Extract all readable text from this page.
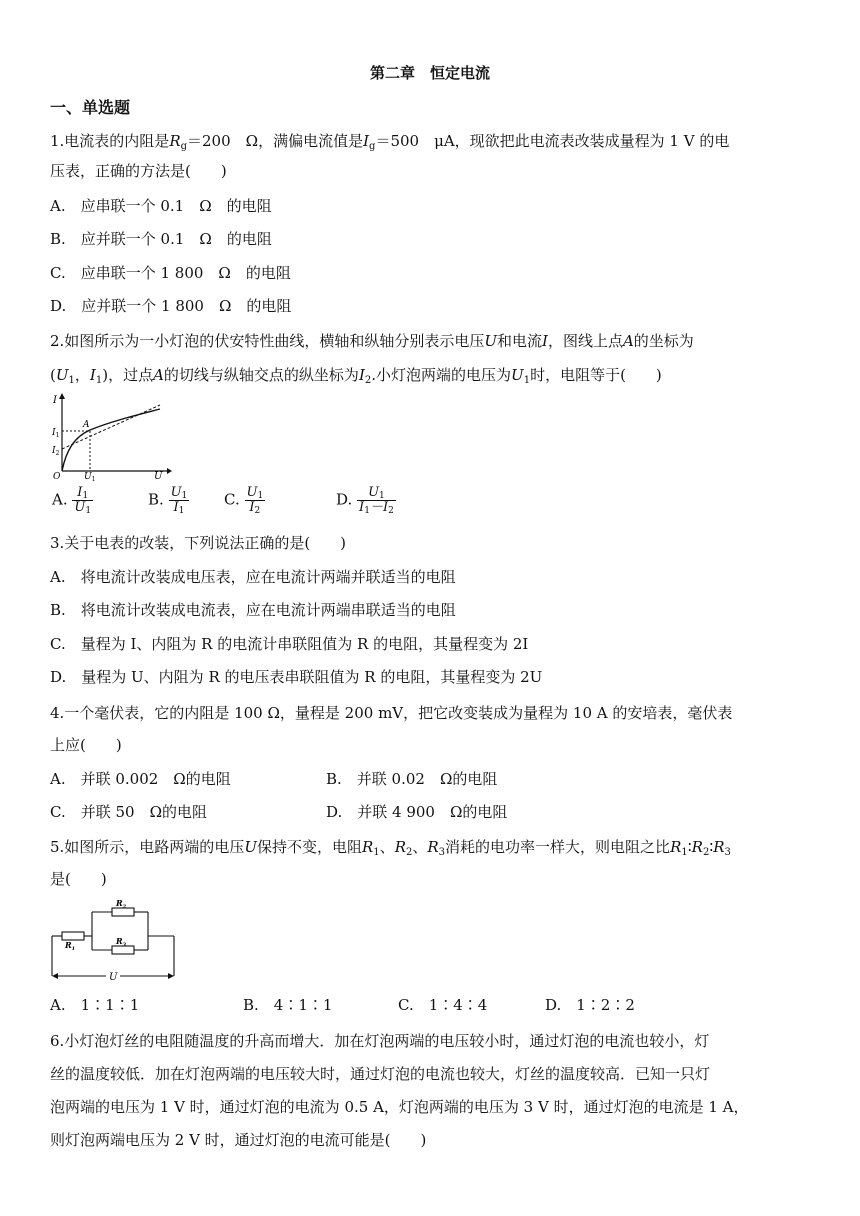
第二章　恒定电流
一、单选题
1.电流表的内阻是$R_g=200$　Ω，满偏电流值是$I_g=500$　μA，现欲把此电流表改装成量程为 1 V 的电
压表，正确的方法是(　　)
A.　应串联一个 0.1　Ω　的电阻
B.　应并联一个 0.1　Ω　的电阻
C.　应串联一个 1 800　Ω　的电阻
D.　应并联一个 1 800　Ω　的电阻
2.如图所示为一小灯泡的伏安特性曲线，横轴和纵轴分别表示电压U和电流I，图线上点A的坐标为
($U_1$，$I_1$)，过点A的切线与纵轴交点的纵坐标为$I_2$.小灯泡两端的电压为$U_1$时，电阻等于(　　)
I
$I_1$
$I_2$
O	$U_1$	U
A
A. $\frac{I_1}{U_1}$	B. $\frac{U_1}{I_1} C$. $\frac{U_1}{I_2}$	D. $\frac{U_1}{I_1-I_2}$
3.关于电表的改装，下列说法正确的是(　　)
A.　将电流计改装成电压表，应在电流计两端并联适当的电阻
B.　将电流计改装成电流表，应在电流计两端串联适当的电阻
C.　量程为 I、内阻为 R 的电流计串联阻值为 R 的电阻，其量程变为 2I
D.　量程为 U、内阻为 R 的电压表串联阻值为 R 的电阻，其量程变为 2U
4.一个毫伏表，它的内阻是 100 Ω，量程是 200 mV，把它改变装成为量程为 10 A 的安培表，毫伏表
上应(　　)
A.　并联 0.002　Ω的电阻	B.　并联 0.02　Ω的电阻
C.　并联 50　Ω的电阻	D.　并联 4 900　Ω的电阻
5.如图所示，电路两端的电压U保持不变，电阻$R_1$、$R_2$、$R_3$消耗的电功率一样大，则电阻之比$R_1∶R_2∶R_3$
是(　　)
U
$R_1$
$R_2$
$R_3$
A.　1∶1∶1	B.　4∶1∶1	C.　1∶4∶4	D.　1∶2∶2
6.小灯泡灯丝的电阻随温度的升高而增大．加在灯泡两端的电压较小时，通过灯泡的电流也较小，灯
丝的温度较低．加在灯泡两端的电压较大时，通过灯泡的电流也较大，灯丝的温度较高．已知一只灯
泡两端的电压为 1 V 时，通过灯泡的电流为 0.5 A，灯泡两端的电压为 3 V 时，通过灯泡的电流是 1 A，
则灯泡两端电压为 2 V 时，通过灯泡的电流可能是(　　)
